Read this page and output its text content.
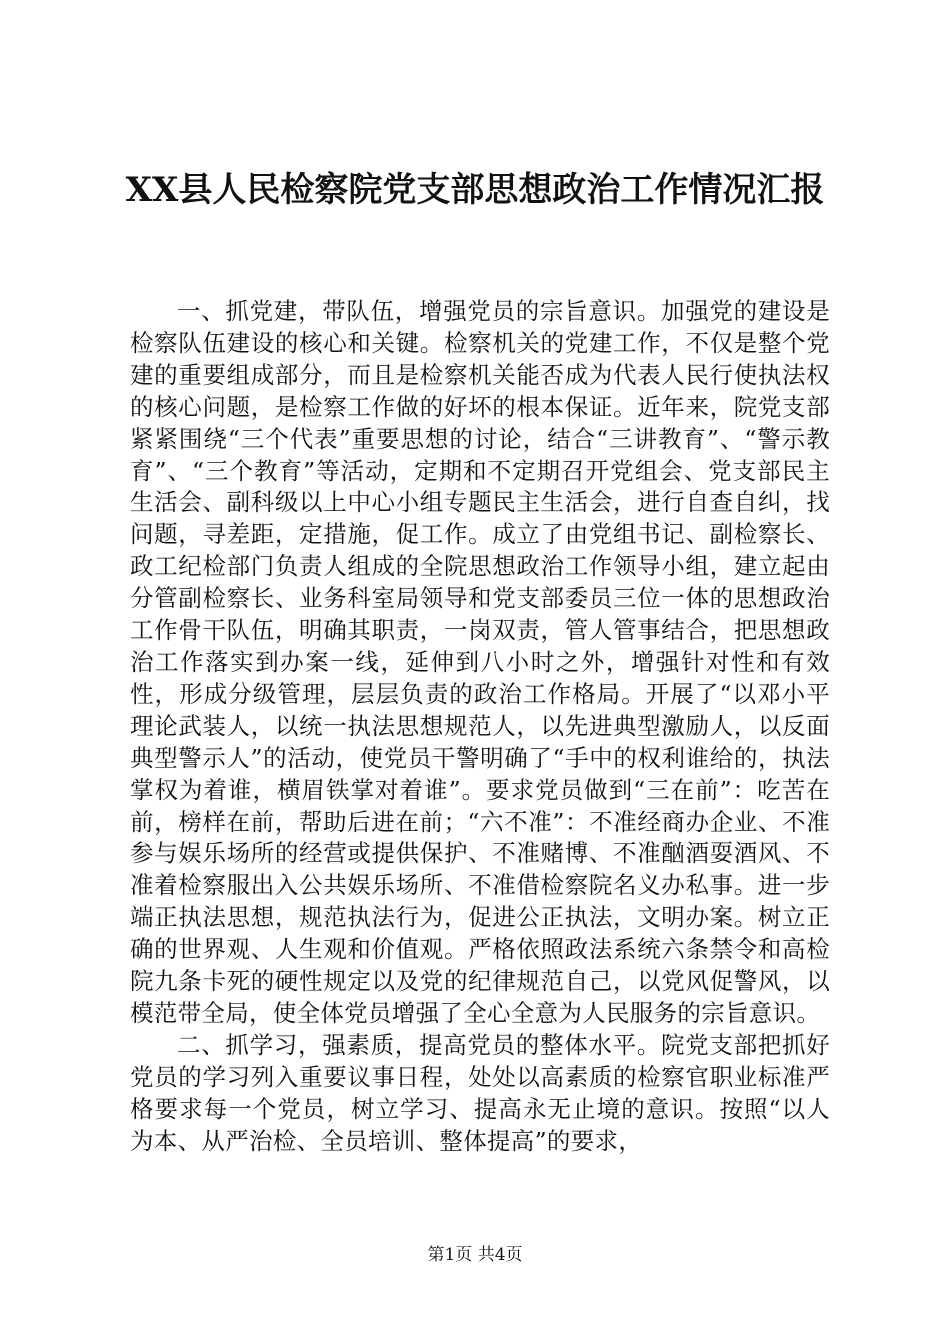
XX县人民检察院党支部思想政治工作情况汇报

一、抓党建，带队伍，增强党员的宗旨意识。加强党的建设是检察队伍建设的核心和关键。检察机关的党建工作，不仅是整个党建的重要组成部分，而且是检察机关能否成为代表人民行使执法权的核心问题，是检察工作做的好坏的根本保证。近年来，院党支部紧紧围绕“三个代表”重要思想的讨论，结合“三讲教育”、“警示教育”、“三个教育”等活动，定期和不定期召开党组会、党支部民主生活会、副科级以上中心小组专题民主生活会，进行自查自纠，找问题，寻差距，定措施，促工作。成立了由党组书记、副检察长、政工纪检部门负责人组成的全院思想政治工作领导小组，建立起由分管副检察长、业务科室局领导和党支部委员三位一体的思想政治工作骨干队伍，明确其职责，一岗双责，管人管事结合，把思想政治工作落实到办案一线，延伸到八小时之外，增强针对性和有效性，形成分级管理，层层负责的政治工作格局。开展了“以邓小平理论武装人，以统一执法思想规范人，以先进典型激励人，以反面典型警示人”的活动，使党员干警明确了“手中的权利谁给的，执法掌权为着谁，横眉铁掌对着谁”。要求党员做到“三在前”：吃苦在前，榜样在前，帮助后进在前；“六不准”：不准经商办企业、不准参与娱乐场所的经营或提供保护、不准赌博、不准酗酒耍酒风、不准着检察服出入公共娱乐场所、不准借检察院名义办私事。进一步端正执法思想，规范执法行为，促进公正执法，文明办案。树立正确的世界观、人生观和价值观。严格依照政法系统六条禁令和高检院九条卡死的硬性规定以及党的纪律规范自己，以党风促警风，以模范带全局，使全体党员增强了全心全意为人民服务的宗旨意识。

二、抓学习，强素质，提高党员的整体水平。院党支部把抓好党员的学习列入重要议事日程，处处以高素质的检察官职业标准严格要求每一个党员，树立学习、提高永无止境的意识。按照“以人为本、从严治检、全员培训、整体提高”的要求，

第1页 共4页
